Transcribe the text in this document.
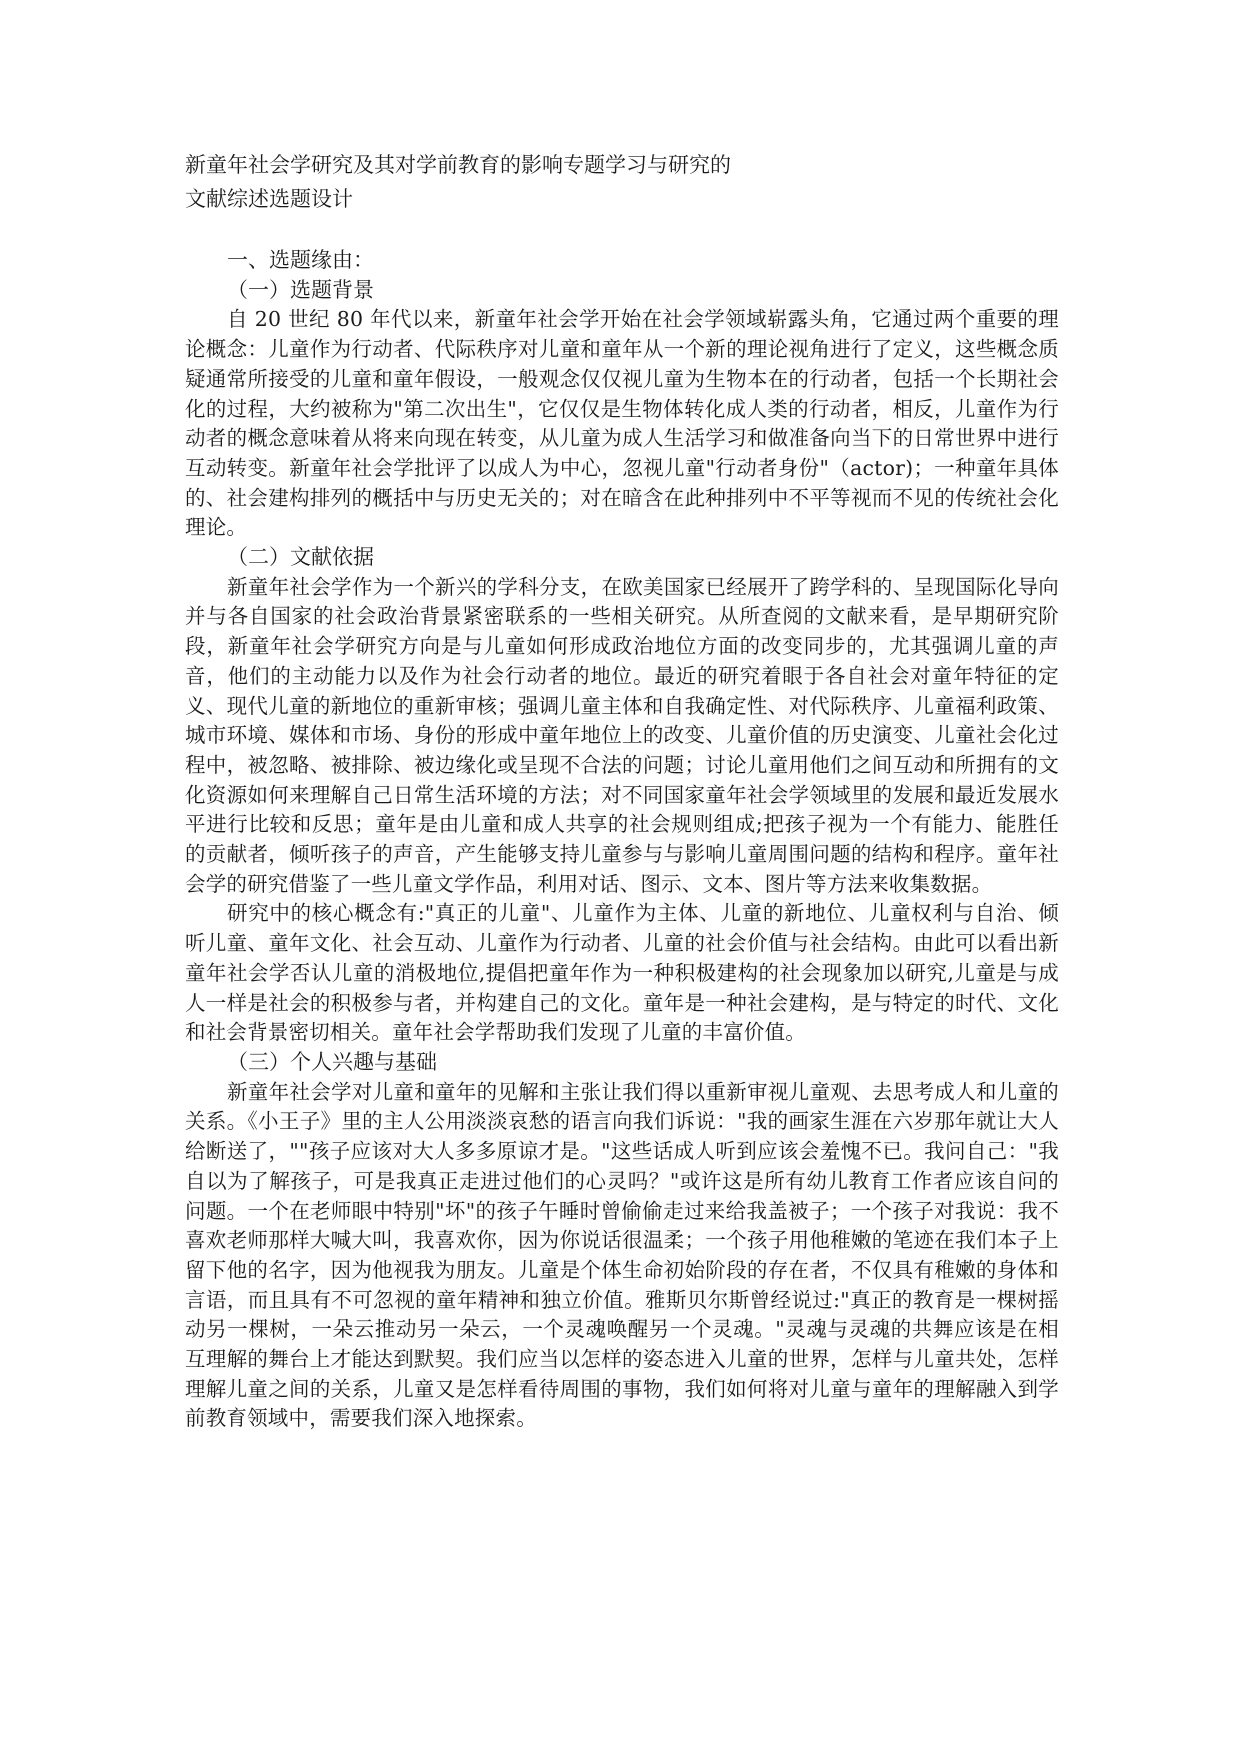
新童年社会学研究及其对学前教育的影响专题学习与研究的
文献综述选题设计

一、选题缘由：

（一）选题背景

自 20 世纪 80 年代以来，新童年社会学开始在社会学领域崭露头角，它通过两个重要的理论概念：儿童作为行动者、代际秩序对儿童和童年从一个新的理论视角进行了定义，这些概念质疑通常所接受的儿童和童年假设，一般观念仅仅视儿童为生物本在的行动者，包括一个长期社会化的过程，大约被称为"第二次出生"，它仅仅是生物体转化成人类的行动者，相反，儿童作为行动者的概念意味着从将来向现在转变，从儿童为成人生活学习和做准备向当下的日常世界中进行互动转变。新童年社会学批评了以成人为中心，忽视儿童"行动者身份"（actor)；一种童年具体的、社会建构排列的概括中与历史无关的；对在暗含在此种排列中不平等视而不见的传统社会化理论。

（二）文献依据

新童年社会学作为一个新兴的学科分支，在欧美国家已经展开了跨学科的、呈现国际化导向并与各自国家的社会政治背景紧密联系的一些相关研究。从所查阅的文献来看，是早期研究阶段，新童年社会学研究方向是与儿童如何形成政治地位方面的改变同步的，尤其强调儿童的声音，他们的主动能力以及作为社会行动者的地位。最近的研究着眼于各自社会对童年特征的定义、现代儿童的新地位的重新审核；强调儿童主体和自我确定性、对代际秩序、儿童福利政策、城市环境、媒体和市场、身份的形成中童年地位上的改变、儿童价值的历史演变、儿童社会化过程中，被忽略、被排除、被边缘化或呈现不合法的问题；讨论儿童用他们之间互动和所拥有的文化资源如何来理解自己日常生活环境的方法；对不同国家童年社会学领域里的发展和最近发展水平进行比较和反思；童年是由儿童和成人共享的社会规则组成;把孩子视为一个有能力、能胜任的贡献者，倾听孩子的声音，产生能够支持儿童参与与影响儿童周围问题的结构和程序。童年社会学的研究借鉴了一些儿童文学作品，利用对话、图示、文本、图片等方法来收集数据。

研究中的核心概念有:"真正的儿童"、儿童作为主体、儿童的新地位、儿童权利与自治、倾听儿童、童年文化、社会互动、儿童作为行动者、儿童的社会价值与社会结构。由此可以看出新童年社会学否认儿童的消极地位,提倡把童年作为一种积极建构的社会现象加以研究,儿童是与成人一样是社会的积极参与者，并构建自己的文化。童年是一种社会建构，是与特定的时代、文化和社会背景密切相关。童年社会学帮助我们发现了儿童的丰富价值。

（三）个人兴趣与基础

新童年社会学对儿童和童年的见解和主张让我们得以重新审视儿童观、去思考成人和儿童的关系。《小王子》里的主人公用淡淡哀愁的语言向我们诉说："我的画家生涯在六岁那年就让大人给断送了，""孩子应该对大人多多原谅才是。"这些话成人听到应该会羞愧不已。我问自己："我自以为了解孩子，可是我真正走进过他们的心灵吗？"或许这是所有幼儿教育工作者应该自问的问题。一个在老师眼中特别"坏"的孩子午睡时曾偷偷走过来给我盖被子；一个孩子对我说：我不喜欢老师那样大喊大叫，我喜欢你，因为你说话很温柔；一个孩子用他稚嫩的笔迹在我们本子上留下他的名字，因为他视我为朋友。儿童是个体生命初始阶段的存在者，不仅具有稚嫩的身体和言语，而且具有不可忽视的童年精神和独立价值。雅斯贝尔斯曾经说过:"真正的教育是一棵树摇动另一棵树，一朵云推动另一朵云，一个灵魂唤醒另一个灵魂。"灵魂与灵魂的共舞应该是在相互理解的舞台上才能达到默契。我们应当以怎样的姿态进入儿童的世界，怎样与儿童共处，怎样理解儿童之间的关系，儿童又是怎样看待周围的事物，我们如何将对儿童与童年的理解融入到学前教育领域中，需要我们深入地探索。
